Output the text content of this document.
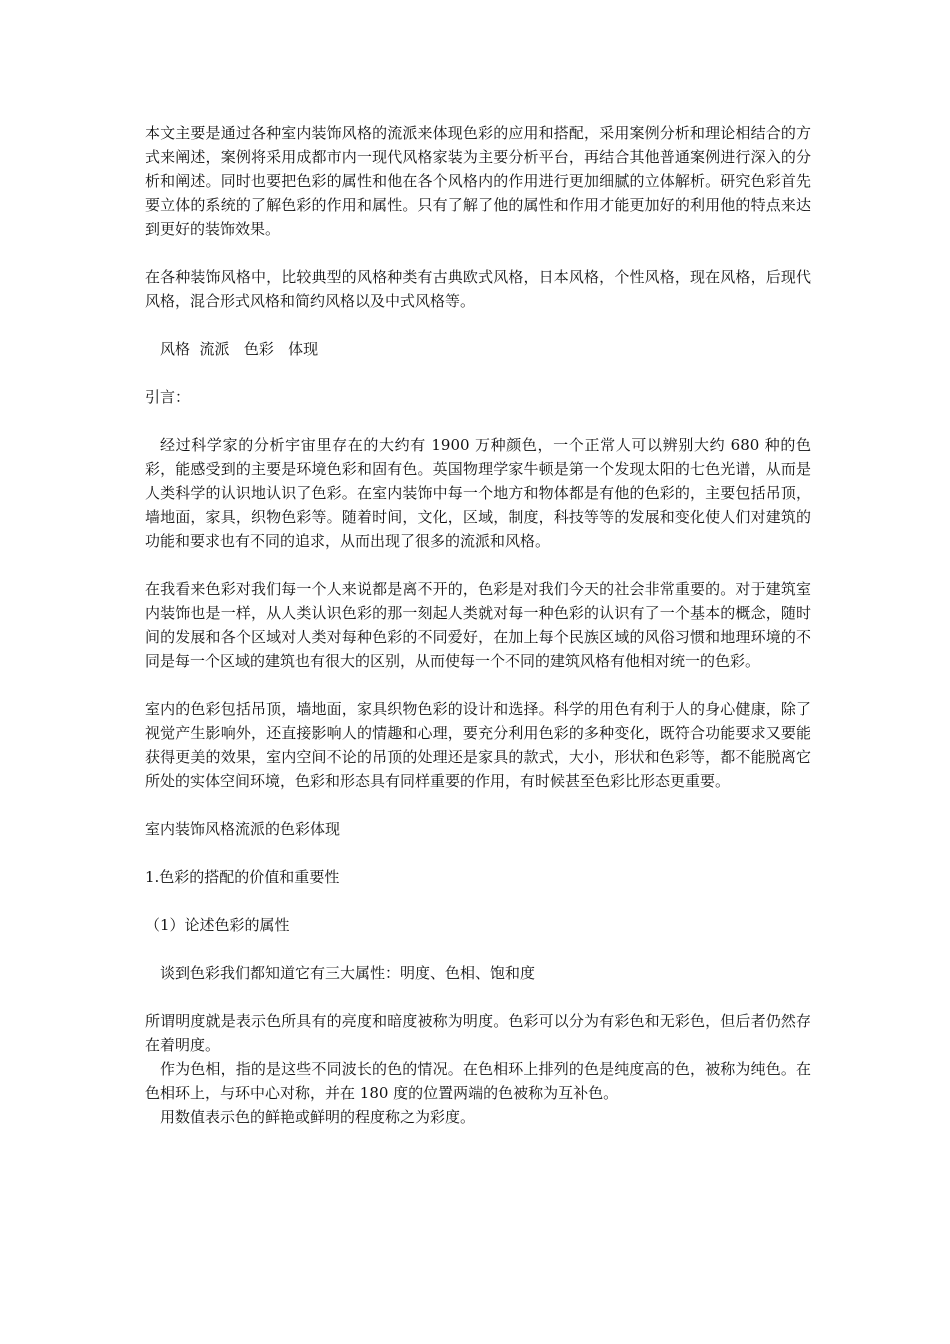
本文主要是通过各种室内装饰风格的流派来体现色彩的应用和搭配，采用案例分析和理论相结合的方式来阐述，案例将采用成都市内一现代风格家装为主要分析平台，再结合其他普通案例进行深入的分析和阐述。同时也要把色彩的属性和他在各个风格内的作用进行更加细腻的立体解析。研究色彩首先要立体的系统的了解色彩的作用和属性。只有了解了他的属性和作用才能更加好的利用他的特点来达到更好的装饰效果。

在各种装饰风格中，比较典型的风格种类有古典欧式风格，日本风格，个性风格，现在风格，后现代风格，混合形式风格和简约风格以及中式风格等。

风格  流派   色彩   体现

引言：

经过科学家的分析宇宙里存在的大约有 1900 万种颜色，一个正常人可以辨别大约 680 种的色彩，能感受到的主要是环境色彩和固有色。英国物理学家牛顿是第一个发现太阳的七色光谱，从而是人类科学的认识地认识了色彩。在室内装饰中每一个地方和物体都是有他的色彩的，主要包括吊顶，墙地面，家具，织物色彩等。随着时间，文化，区域，制度，科技等等的发展和变化使人们对建筑的功能和要求也有不同的追求，从而出现了很多的流派和风格。

在我看来色彩对我们每一个人来说都是离不开的，色彩是对我们今天的社会非常重要的。对于建筑室内装饰也是一样，从人类认识色彩的那一刻起人类就对每一种色彩的认识有了一个基本的概念，随时间的发展和各个区域对人类对每种色彩的不同爱好，在加上每个民族区域的风俗习惯和地理环境的不同是每一个区域的建筑也有很大的区别，从而使每一个不同的建筑风格有他相对统一的色彩。

室内的色彩包括吊顶，墙地面，家具织物色彩的设计和选择。科学的用色有利于人的身心健康，除了视觉产生影响外，还直接影响人的情趣和心理，要充分利用色彩的多种变化，既符合功能要求又要能获得更美的效果，室内空间不论的吊顶的处理还是家具的款式，大小，形状和色彩等，都不能脱离它所处的实体空间环境，色彩和形态具有同样重要的作用，有时候甚至色彩比形态更重要。

室内装饰风格流派的色彩体现

1.色彩的搭配的价值和重要性

（1）论述色彩的属性

谈到色彩我们都知道它有三大属性：明度、色相、饱和度

所谓明度就是表示色所具有的亮度和暗度被称为明度。色彩可以分为有彩色和无彩色，但后者仍然存在着明度。

作为色相，指的是这些不同波长的色的情况。在色相环上排列的色是纯度高的色，被称为纯色。在色相环上，与环中心对称，并在 180 度的位置两端的色被称为互补色。

用数值表示色的鲜艳或鲜明的程度称之为彩度。
